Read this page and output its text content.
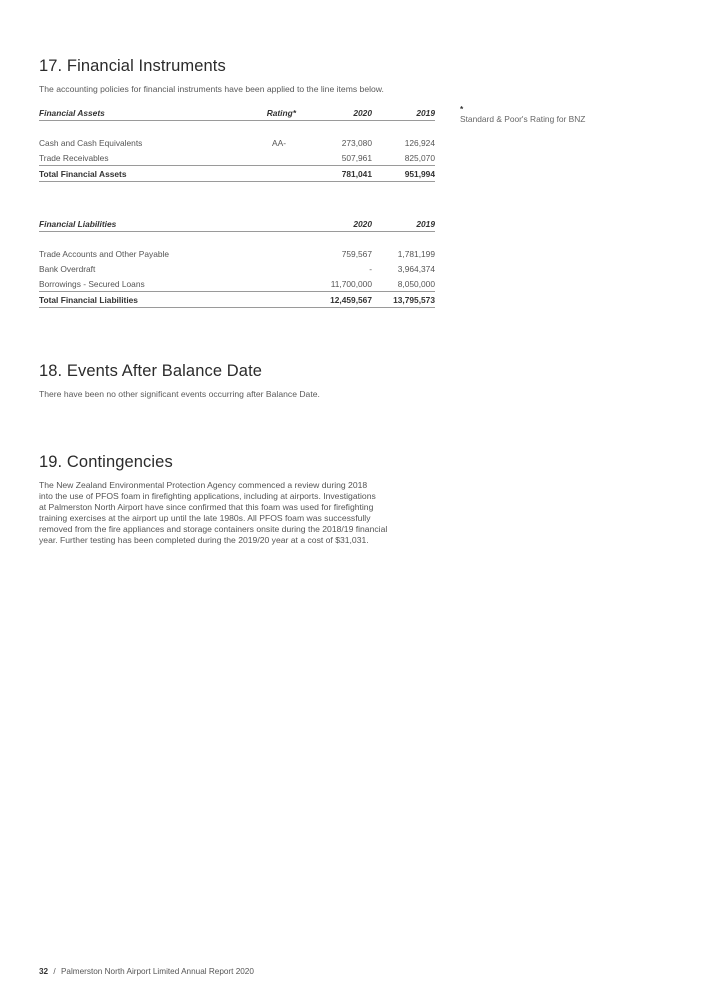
17. Financial Instruments
The accounting policies for financial instruments have been applied to the line items below.
Financial Assets	Rating*	2020	2019

Cash and Cash Equivalents	AA-	273,080	126,924
Trade Receivables		507,961	825,070
Total Financial Assets		781,041	951,994
*
Standard & Poor's Rating for BNZ
Financial Liabilities	2020	2019

Trade Accounts and Other Payable	759,567	1,781,199
Bank Overdraft	-	3,964,374
Borrowings - Secured Loans	11,700,000	8,050,000
Total Financial Liabilities	12,459,567	13,795,573
18. Events After Balance Date
There have been no other significant events occurring after Balance Date.
19. Contingencies
The New Zealand Environmental Protection Agency commenced a review during 2018
into the use of PFOS foam in firefighting applications, including at airports. Investigations
at Palmerston North Airport have since confirmed that this foam was used for firefighting
training exercises at the airport up until the late 1980s. All PFOS foam was successfully
removed from the fire appliances and storage containers onsite during the 2018/19 financial
year. Further testing has been completed during the 2019/20 year at a cost of $31,031.
32 / Palmerston North Airport Limited Annual Report 2020
